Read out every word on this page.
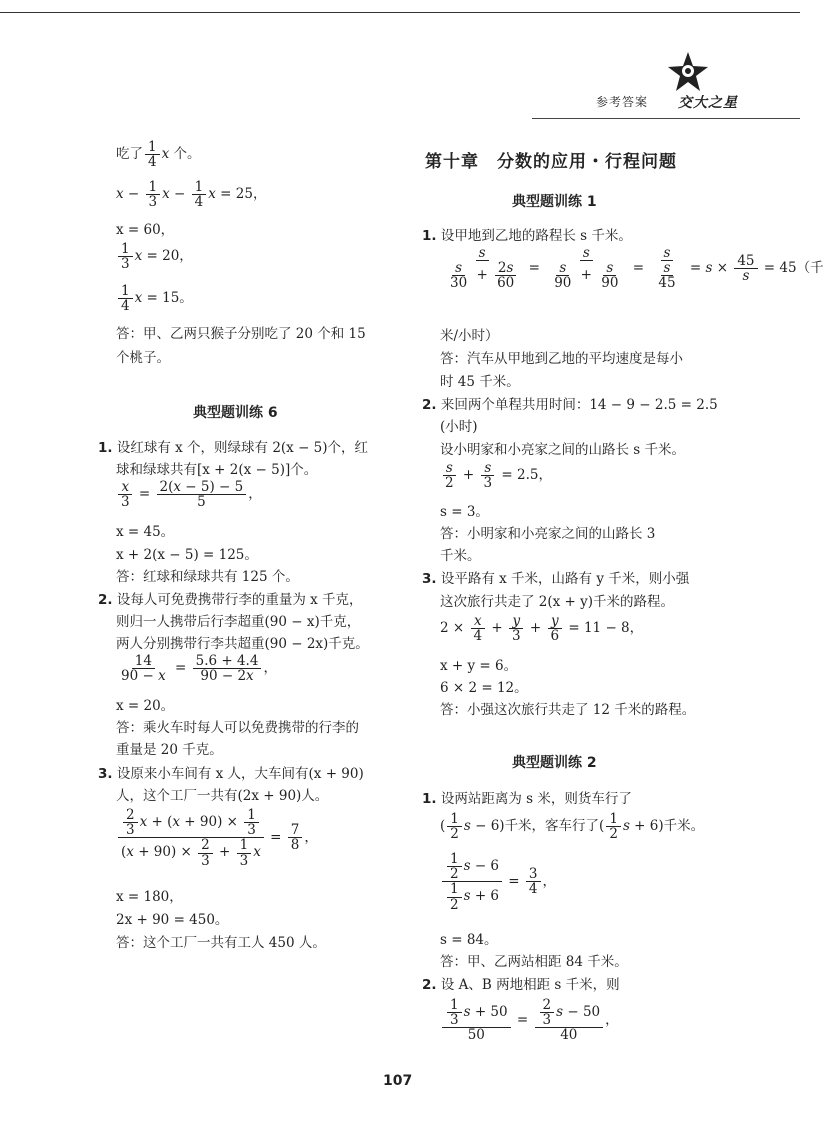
参考答案 交大之星
吃了 $\frac{1}{4}$ x 个。
$x - \frac{1}{3}$ $x - \frac{1}{4}$ x = 25，
x = 60，
$\frac{1}{3}$ x = 20，
$\frac{1}{4}$ x = 15。
答：甲、乙两只猴子分别吃了 20 个和 15
个桃子。
典型题训练 6
1. 设红球有 x 个，则绿球有 2(x − 5)个，红
球和绿球共有[x + 2(x − 5)]个。
$\frac{x}{3} = \frac{2(x - 5) - 5}{5}$ ，
x = 45。
x + 2(x − 5) = 125。
答：红球和绿球共有 125 个。
2. 设每人可免费携带行李的重量为 x 千克，
则归一人携带后行李超重(90 − x)千克，
两人分别携带行李共超重(90 − 2x)千克。
$\frac{14}{90 - x} = \frac{5.6 + 4.4}{90 - 2x}$ ，
x = 20。
答：乘火车时每人可以免费携带的行李的
重量是 20 千克。
3. 设原来小车间有 x 人，大车间有(x + 90)
人，这个工厂一共有(2x + 90)人。
$\frac{\frac{2}{3} x + (x + 90) \times \frac{1}{3}}{(x + 90) \times \frac{2}{3} + \frac{1}{3} x} = \frac{7}{8}$ ，
x = 180，
2x + 90 = 450。
答：这个工厂一共有工人 450 人。
第十章　分数的应用・行程问题
典型题训练 1
1. 设甲地到乙地的路程长 s 千米。
$\frac{s}{\frac{s}{30} + \frac{2s}{60}} = \frac{s}{\frac{s}{90} + \frac{s}{90}} = \frac{s}{\frac{s}{45}} = s \times \frac{45}{s} = 45$（千
米/小时）
答：汽车从甲地到乙地的平均速度是每小
时 45 千米。
2. 来回两个单程共用时间：14 − 9 − 2.5 = 2.5
(小时)
设小明家和小亮家之间的山路长 s 千米。
$\frac{s}{2} + \frac{s}{3} = 2.5$，
s = 3。
答：小明家和小亮家之间的山路长 3
千米。
3. 设平路有 x 千米，山路有 y 千米，则小强
这次旅行共走了 2(x + y)千米的路程。
$2 \times \frac{x}{4} + \frac{y}{3} + \frac{y}{6} = 11 - 8$，
x + y = 6。
6 × 2 = 12。
答：小强这次旅行共走了 12 千米的路程。
典型题训练 2
1. 设两站距离为 s 米，则货车行了
( $\frac{1}{2}$ s − 6)千米，客车行了( $\frac{1}{2}$ s + 6)千米。
$\frac{\frac{1}{2} s - 6}{\frac{1}{2} s + 6} = \frac{3}{4}$ ，
s = 84。
答：甲、乙两站相距 84 千米。
2. 设 A、B 两地相距 s 千米，则
$\frac{\frac{1}{3} s + 50}{50} = \frac{\frac{2}{3} s - 50}{40}$ ，
107
